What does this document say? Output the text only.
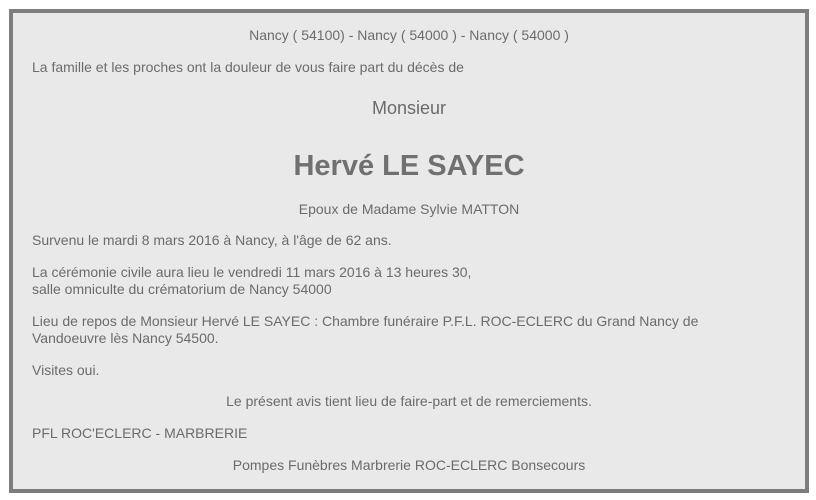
Nancy ( 54100) - Nancy ( 54000 ) - Nancy ( 54000 )
La famille et les proches ont la douleur de vous faire part du décès de
Monsieur
Hervé LE SAYEC
Epoux de Madame Sylvie MATTON
Survenu le mardi 8 mars 2016 à Nancy, à l'âge de 62 ans.
La cérémonie civile aura lieu le vendredi 11 mars 2016 à 13 heures 30,
salle omniculte du crématorium de Nancy 54000
Lieu de repos de Monsieur Hervé LE SAYEC : Chambre funéraire P.F.L. ROC-ECLERC du Grand Nancy de
Vandoeuvre lès Nancy 54500.
Visites oui.
Le présent avis tient lieu de faire-part et de remerciements.
PFL ROC'ECLERC - MARBRERIE
Pompes Funèbres Marbrerie ROC-ECLERC Bonsecours
